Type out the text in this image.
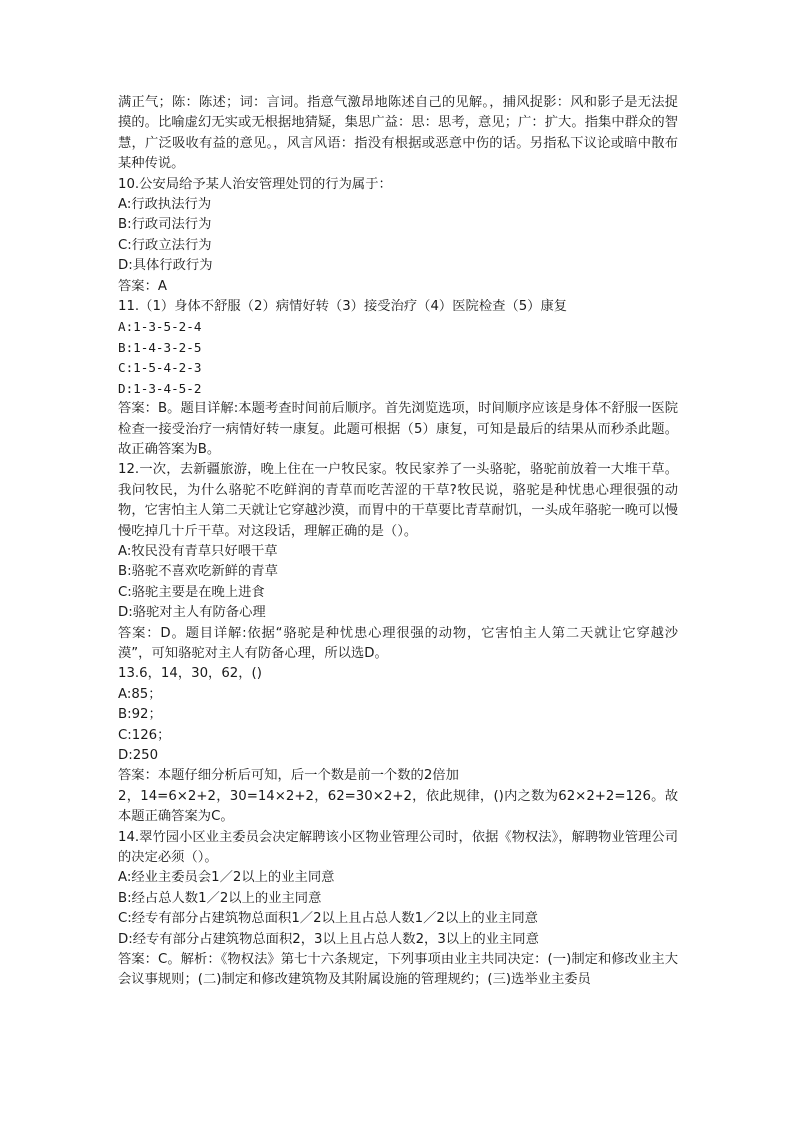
满正气；陈：陈述；词：言词。指意气激昂地陈述自己的见解。，捕风捉影：风和影子是无法捉摸的。比喻虚幻无实或无根据地猜疑，集思广益：思：思考，意见；广：扩大。指集中群众的智慧，广泛吸收有益的意见。，风言风语：指没有根据或恶意中伤的话。另指私下议论或暗中散布某种传说。
10.公安局给予某人治安管理处罚的行为属于：
A:行政执法行为
B:行政司法行为
C:行政立法行为
D:具体行政行为
答案：A
11.（1）身体不舒服（2）病情好转（3）接受治疗（4）医院检查（5）康复
A:1-3-5-2-4
B:1-4-3-2-5
C:1-5-4-2-3
D:1-3-4-5-2
答案：B。题目详解:本题考查时间前后顺序。首先浏览选项，时间顺序应该是身体不舒服一医院检查一接受治疗一病情好转一康复。此题可根据（5）康复，可知是最后的结果从而秒杀此题。故正确答案为B。
12.一次，去新疆旅游，晚上住在一户牧民家。牧民家养了一头骆驼，骆驼前放着一大堆干草。我问牧民，为什么骆驼不吃鲜润的青草而吃苦涩的干草?牧民说，骆驼是种忧患心理很强的动物，它害怕主人第二天就让它穿越沙漠，而胃中的干草要比青草耐饥，一头成年骆驼一晚可以慢慢吃掉几十斤干草。对这段话，理解正确的是（）。
A:牧民没有青草只好喂干草
B:骆驼不喜欢吃新鲜的青草
C:骆驼主要是在晚上进食
D:骆驼对主人有防备心理
答案：D。题目详解:依据“骆驼是种忧患心理很强的动物，它害怕主人第二天就让它穿越沙漠”，可知骆驼对主人有防备心理，所以选D。
13.6，14，30，62，()
A:85；
B:92；
C:126；
D:250
答案：本题仔细分析后可知，后一个数是前一个数的2倍加
2，14=6×2+2，30=14×2+2，62=30×2+2，依此规律，()内之数为62×2+2=126。故本题正确答案为C。
14.翠竹园小区业主委员会决定解聘该小区物业管理公司时，依据《物权法》，解聘物业管理公司的决定必须（）。
A:经业主委员会1／2以上的业主同意
B:经占总人数1／2以上的业主同意
C:经专有部分占建筑物总面积1／2以上且占总人数1／2以上的业主同意
D:经专有部分占建筑物总面积2，3以上且占总人数2，3以上的业主同意
答案：C。解析：《物权法》第七十六条规定，下列事项由业主共同决定：(一)制定和修改业主大会议事规则；(二)制定和修改建筑物及其附属设施的管理规约；(三)选举业主委员
